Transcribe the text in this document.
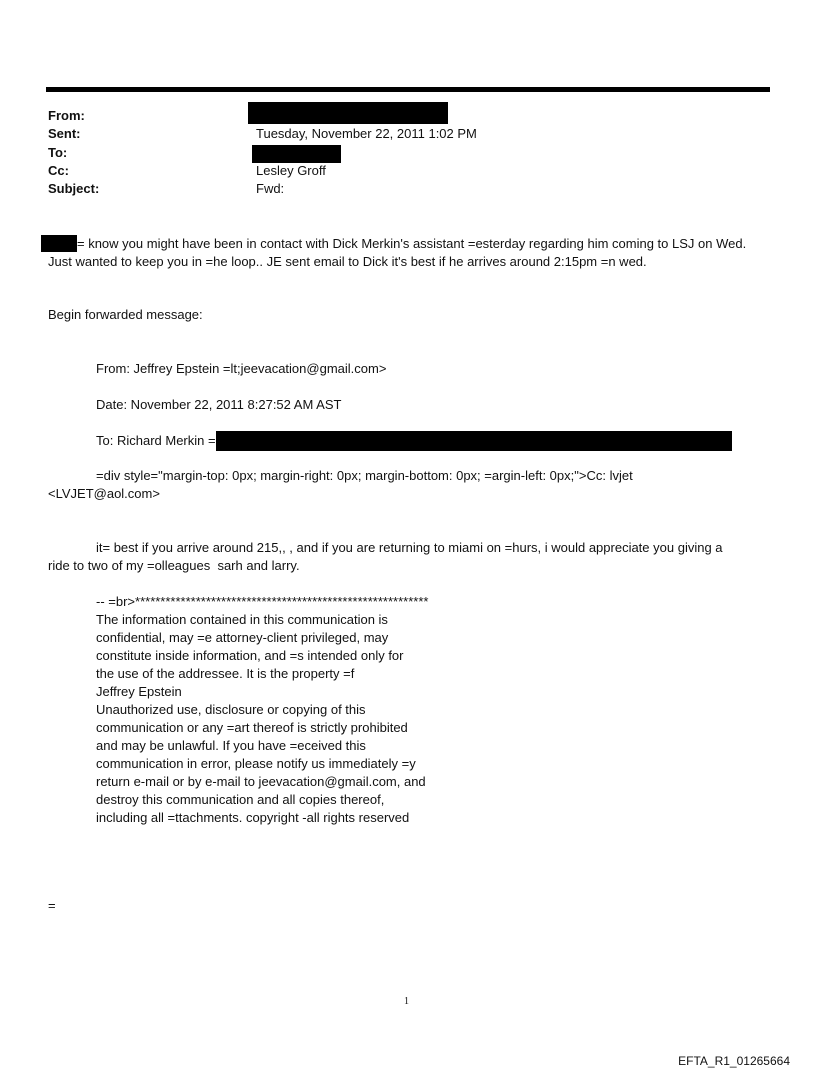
From:
Sent:
To:
Cc:
Subject:
Tuesday, November 22, 2011 1:02 PM
Lesley Groff
Fwd:
= know you might have been in contact with Dick Merkin's assistant =esterday regarding him coming to LSJ on Wed.
Just wanted to keep you in =he loop.. JE sent email to Dick it's best if he arrives around 2:15pm =n wed.
Begin forwarded message:
From: Jeffrey Epstein =lt;jeevacation@gmail.com>
Date: November 22, 2011 8:27:52 AM AST
To: Richard Merkin =
=div style="margin-top: 0px; margin-right: 0px; margin-bottom: 0px; =argin-left: 0px;">Cc: lvjet
<LVJET@aol.com>
it= best if you arrive around 215,, , and if you are returning to miami on =hurs, i would appreciate you giving a
ride to two of my =olleagues  sarh and larry.
-- =br>**********************************************************
The information contained in this communication is
confidential, may =e attorney-client privileged, may
constitute inside information, and =s intended only for
the use of the addressee. It is the property =f
Jeffrey Epstein
Unauthorized use, disclosure or copying of this
communication or any =art thereof is strictly prohibited
and may be unlawful. If you have =eceived this
communication in error, please notify us immediately =y
return e-mail or by e-mail to jeevacation@gmail.com, and
destroy this communication and all copies thereof,
including all =ttachments. copyright -all rights reserved
=
1
EFTA_R1_01265664
